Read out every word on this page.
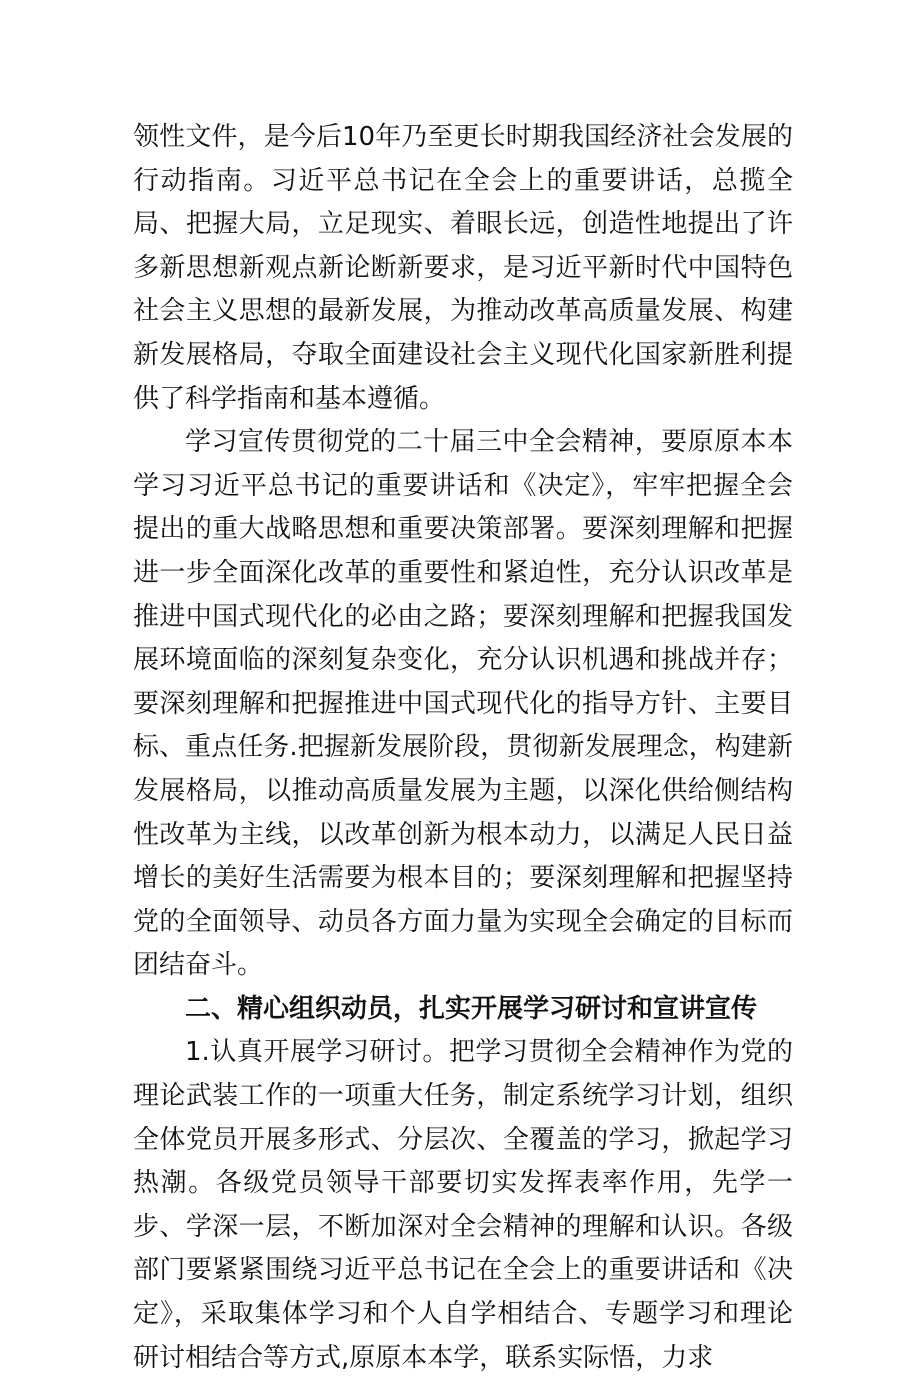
领性文件，是今后10年乃至更长时期我国经济社会发展的行动指南。习近平总书记在全会上的重要讲话，总揽全局、把握大局，立足现实、着眼长远，创造性地提出了许多新思想新观点新论断新要求，是习近平新时代中国特色社会主义思想的最新发展，为推动改革高质量发展、构建新发展格局，夺取全面建设社会主义现代化国家新胜利提供了科学指南和基本遵循。

学习宣传贯彻党的二十届三中全会精神，要原原本本学习习近平总书记的重要讲话和《决定》，牢牢把握全会提出的重大战略思想和重要决策部署。要深刻理解和把握进一步全面深化改革的重要性和紧迫性，充分认识改革是推进中国式现代化的必由之路；要深刻理解和把握我国发展环境面临的深刻复杂变化，充分认识机遇和挑战并存；要深刻理解和把握推进中国式现代化的指导方针、主要目标、重点任务.把握新发展阶段，贯彻新发展理念，构建新发展格局，以推动高质量发展为主题，以深化供给侧结构性改革为主线，以改革创新为根本动力，以满足人民日益增长的美好生活需要为根本目的；要深刻理解和把握坚持党的全面领导、动员各方面力量为实现全会确定的目标而团结奋斗。

二、精心组织动员，扎实开展学习研讨和宣讲宣传

1.认真开展学习研讨。把学习贯彻全会精神作为党的理论武装工作的一项重大任务，制定系统学习计划，组织全体党员开展多形式、分层次、全覆盖的学习，掀起学习热潮。各级党员领导干部要切实发挥表率作用，先学一步、学深一层，不断加深对全会精神的理解和认识。各级部门要紧紧围绕习近平总书记在全会上的重要讲话和《决定》，采取集体学习和个人自学相结合、专题学习和理论研讨相结合等方式,原原本本学，联系实际悟，力求
